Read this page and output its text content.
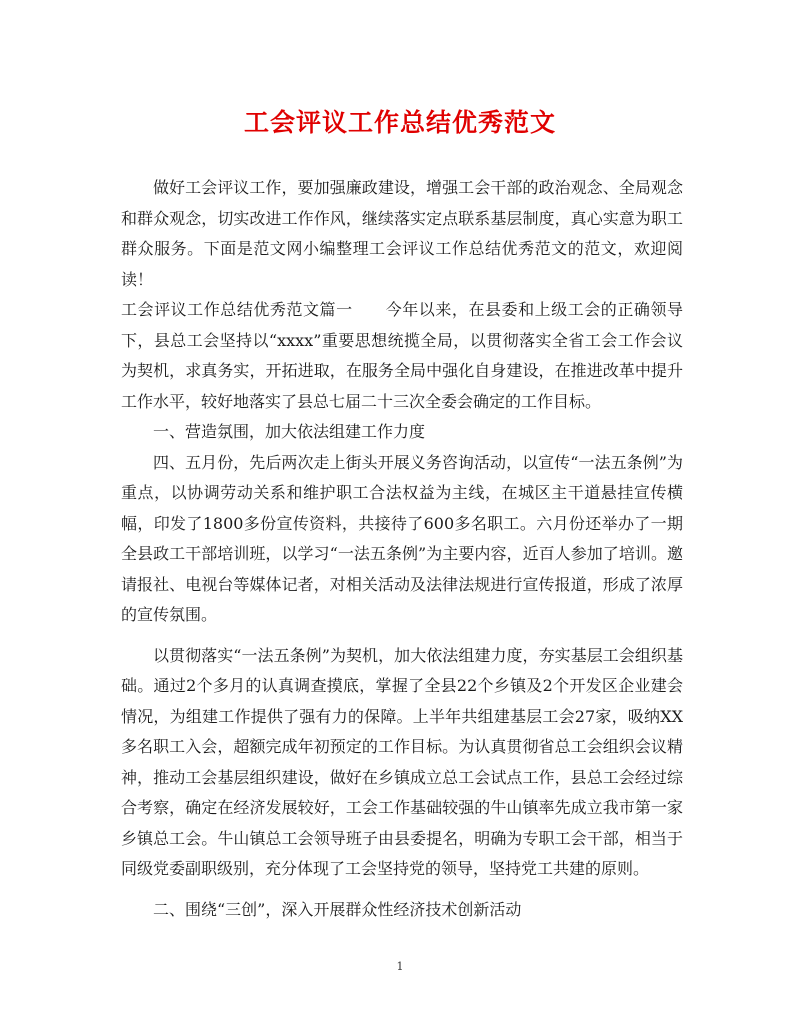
工会评议工作总结优秀范文

做好工会评议工作，要加强廉政建设，增强工会干部的政治观念、全局观念和群众观念，切实改进工作作风，继续落实定点联系基层制度，真心实意为职工群众服务。下面是范文网小编整理工会评议工作总结优秀范文的范文，欢迎阅读！

工会评议工作总结优秀范文篇一　　今年以来，在县委和上级工会的正确领导下，县总工会坚持以“xxxx”重要思想统揽全局，以贯彻落实全省工会工作会议为契机，求真务实，开拓进取，在服务全局中强化自身建设，在推进改革中提升工作水平，较好地落实了县总七届二十三次全委会确定的工作目标。

一、营造氛围，加大依法组建工作力度

四、五月份，先后两次走上街头开展义务咨询活动，以宣传“一法五条例”为重点，以协调劳动关系和维护职工合法权益为主线，在城区主干道悬挂宣传横幅，印发了1800多份宣传资料，共接待了600多名职工。六月份还举办了一期全县政工干部培训班，以学习“一法五条例”为主要内容，近百人参加了培训。邀请报社、电视台等媒体记者，对相关活动及法律法规进行宣传报道，形成了浓厚的宣传氛围。

以贯彻落实“一法五条例”为契机，加大依法组建力度，夯实基层工会组织基础。通过2个多月的认真调查摸底，掌握了全县22个乡镇及2个开发区企业建会情况，为组建工作提供了强有力的保障。上半年共组建基层工会27家，吸纳XX多名职工入会，超额完成年初预定的工作目标。为认真贯彻省总工会组织会议精神，推动工会基层组织建设，做好在乡镇成立总工会试点工作，县总工会经过综合考察，确定在经济发展较好，工会工作基础较强的牛山镇率先成立我市第一家乡镇总工会。牛山镇总工会领导班子由县委提名，明确为专职工会干部，相当于同级党委副职级别，充分体现了工会坚持党的领导，坚持党工共建的原则。

二、围绕“三创”，深入开展群众性经济技术创新活动

1
